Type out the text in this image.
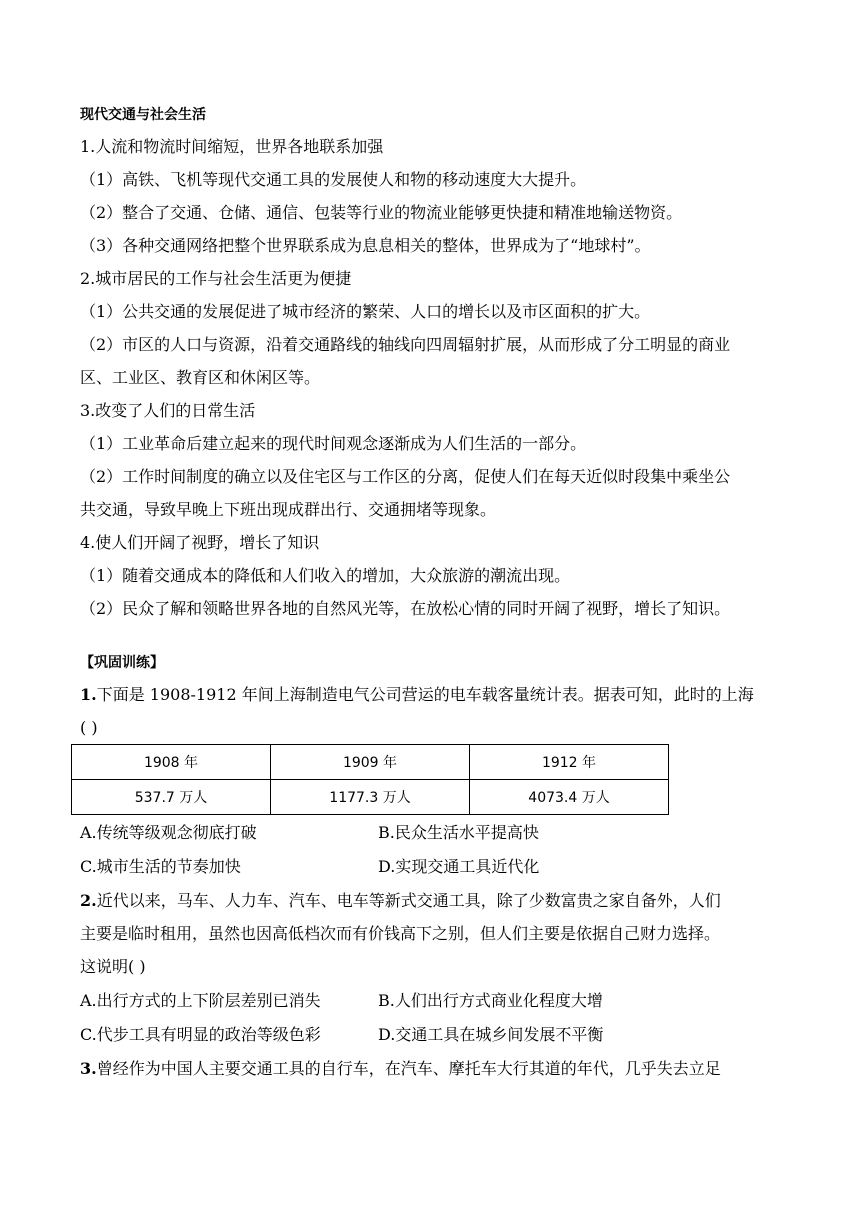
现代交通与社会生活
1.人流和物流时间缩短，世界各地联系加强
（1）高铁、飞机等现代交通工具的发展使人和物的移动速度大大提升。
（2）整合了交通、仓储、通信、包装等行业的物流业能够更快捷和精准地输送物资。
（3）各种交通网络把整个世界联系成为息息相关的整体，世界成为了“地球村”。
2.城市居民的工作与社会生活更为便捷
（1）公共交通的发展促进了城市经济的繁荣、人口的增长以及市区面积的扩大。
（2）市区的人口与资源，沿着交通路线的轴线向四周辐射扩展，从而形成了分工明显的商业
区、工业区、教育区和休闲区等。
3.改变了人们的日常生活
（1）工业革命后建立起来的现代时间观念逐渐成为人们生活的一部分。
（2）工作时间制度的确立以及住宅区与工作区的分离，促使人们在每天近似时段集中乘坐公
共交通，导致早晚上下班出现成群出行、交通拥堵等现象。
4.使人们开阔了视野，增长了知识
（1）随着交通成本的降低和人们收入的增加，大众旅游的潮流出现。
（2）民众了解和领略世界各地的自然风光等，在放松心情的同时开阔了视野，增长了知识。
【巩固训练】
1.下面是 1908-1912 年间上海制造电气公司营运的电车载客量统计表。据表可知，此时的上海
( )
1908 年	1909 年	1912 年
537.7 万人	1177.3 万人	4073.4 万人
A.传统等级观念彻底打破	B.民众生活水平提高快
C.城市生活的节奏加快	D.实现交通工具近代化
2.近代以来，马车、人力车、汽车、电车等新式交通工具，除了少数富贵之家自备外，人们
主要是临时租用，虽然也因高低档次而有价钱高下之别，但人们主要是依据自己财力选择。
这说明( )
A.出行方式的上下阶层差别已消失	B.人们出行方式商业化程度大增
C.代步工具有明显的政治等级色彩	D.交通工具在城乡间发展不平衡
3.曾经作为中国人主要交通工具的自行车，在汽车、摩托车大行其道的年代，几乎失去立足
